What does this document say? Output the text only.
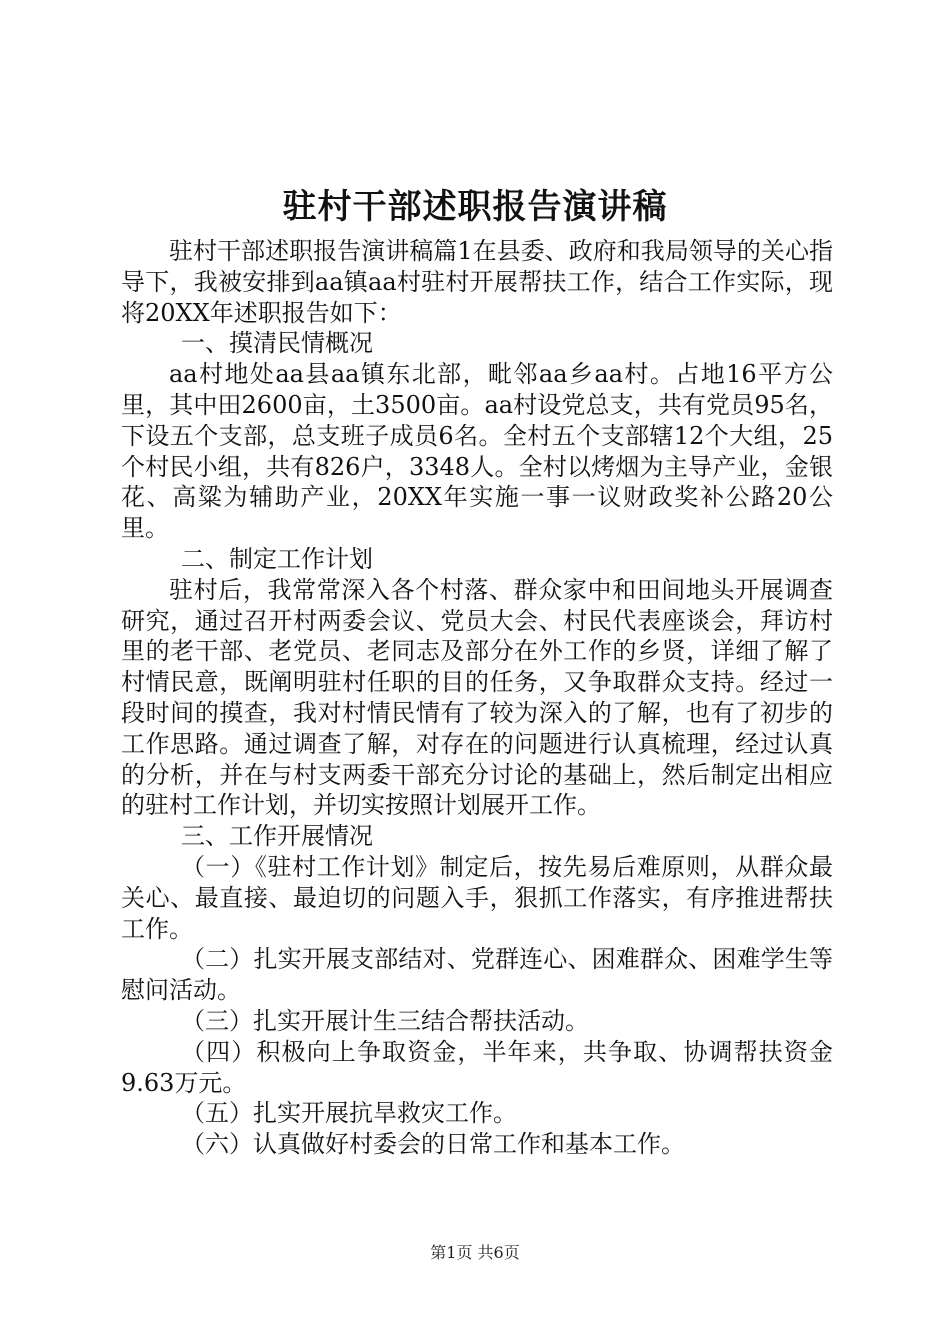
驻村干部述职报告演讲稿

驻村干部述职报告演讲稿篇1在县委、政府和我局领导的关心指导下，我被安排到aa镇aa村驻村开展帮扶工作，结合工作实际，现将20XX年述职报告如下：

一、摸清民情概况

aa村地处aa县aa镇东北部，毗邻aa乡aa村。占地16平方公里，其中田2600亩，土3500亩。aa村设党总支，共有党员95名，下设五个支部，总支班子成员6名。全村五个支部辖12个大组，25个村民小组，共有826户，3348人。全村以烤烟为主导产业，金银花、高粱为辅助产业，20XX年实施一事一议财政奖补公路20公里。

二、制定工作计划

驻村后，我常常深入各个村落、群众家中和田间地头开展调查研究，通过召开村两委会议、党员大会、村民代表座谈会，拜访村里的老干部、老党员、老同志及部分在外工作的乡贤，详细了解了村情民意，既阐明驻村任职的目的任务，又争取群众支持。经过一段时间的摸查，我对村情民情有了较为深入的了解，也有了初步的工作思路。通过调查了解，对存在的问题进行认真梳理，经过认真的分析，并在与村支两委干部充分讨论的基础上，然后制定出相应的驻村工作计划，并切实按照计划展开工作。

三、工作开展情况

（一）《驻村工作计划》制定后，按先易后难原则，从群众最关心、最直接、最迫切的问题入手，狠抓工作落实，有序推进帮扶工作。

（二）扎实开展支部结对、党群连心、困难群众、困难学生等慰问活动。

（三）扎实开展计生三结合帮扶活动。

（四）积极向上争取资金，半年来，共争取、协调帮扶资金9.63万元。

（五）扎实开展抗旱救灾工作。

（六）认真做好村委会的日常工作和基本工作。

第1页 共6页
